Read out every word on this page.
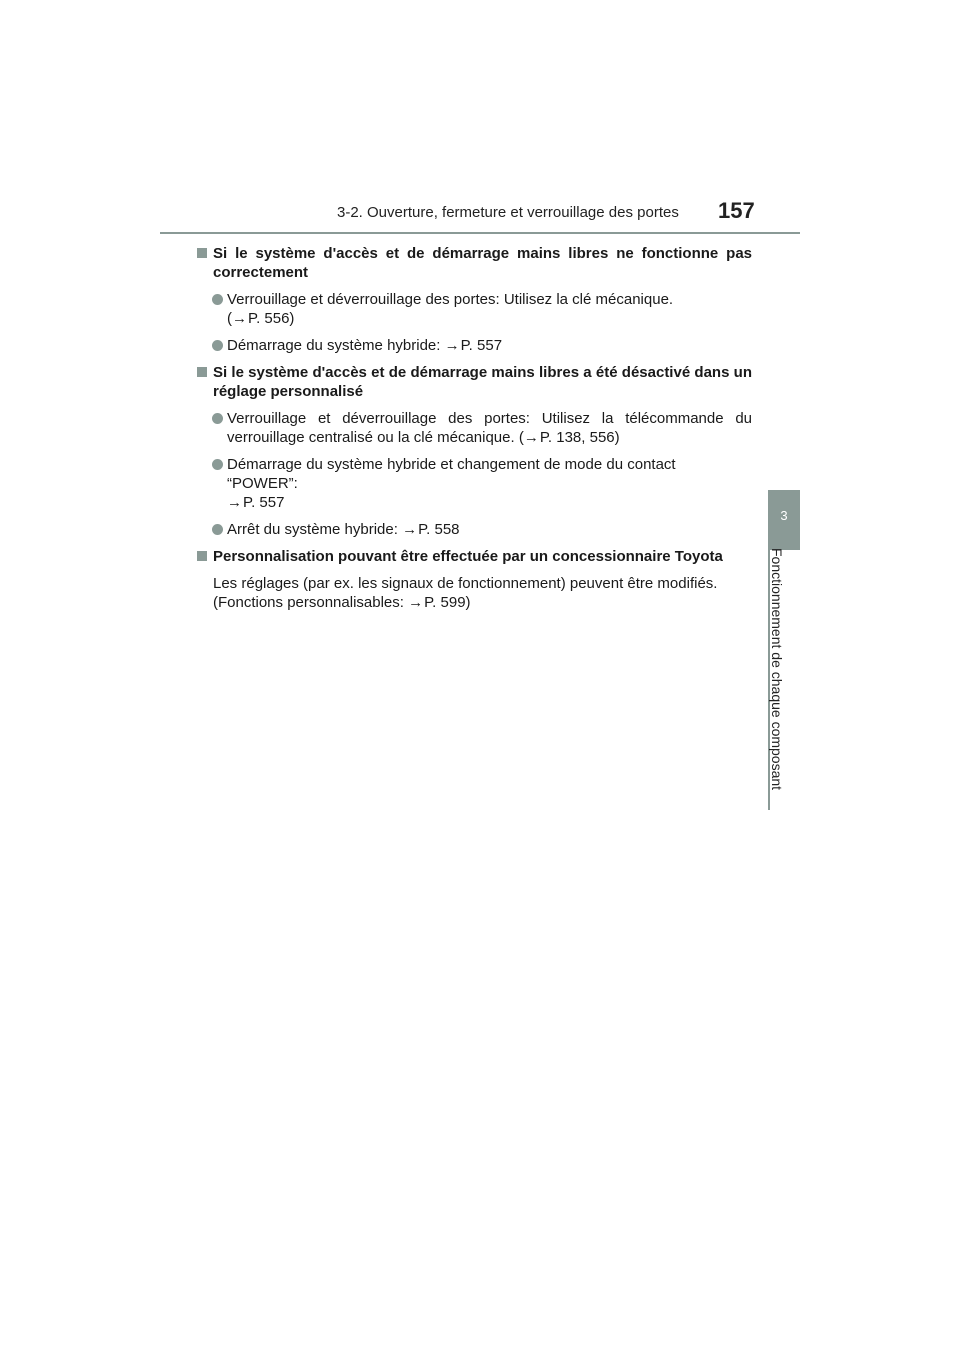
3-2. Ouverture, fermeture et verrouillage des portes 157
3
Fonctionnement de chaque composant
Si le système d'accès et de démarrage mains libres ne fonctionne pas correctement
Verrouillage et déverrouillage des portes: Utilisez la clé mécanique.
(→P. 556)
Démarrage du système hybride: →P. 557
Si le système d'accès et de démarrage mains libres a été désactivé dans un réglage personnalisé
Verrouillage et déverrouillage des portes: Utilisez la télécommande du verrouillage centralisé ou la clé mécanique. (→P. 138, 556)
Démarrage du système hybride et changement de mode du contact
“POWER”:
→P. 557
Arrêt du système hybride: →P. 558
Personnalisation pouvant être effectuée par un concessionnaire Toyota
Les réglages (par ex. les signaux de fonctionnement) peuvent être modifiés.
(Fonctions personnalisables: →P. 599)
